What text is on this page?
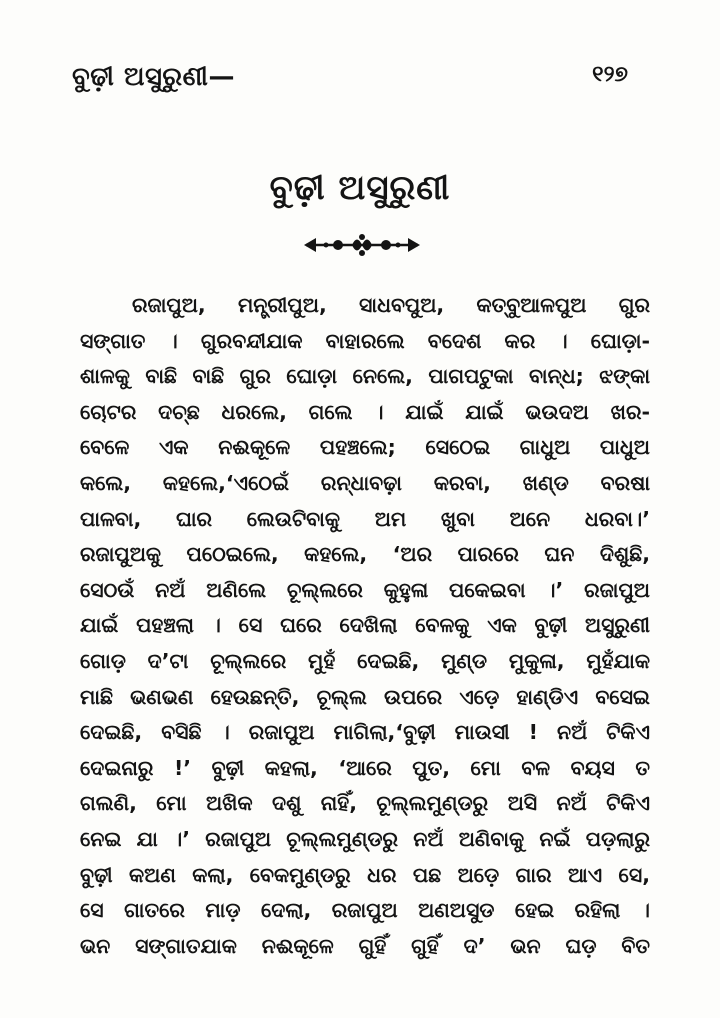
ବୁଢ଼ୀ ଅସୁରୁଣୀ—	୧୨୭
ବୁଢ଼ୀ ଅସୁରୁଣୀ
ରଜାପୁଅ, ମନ୍ତ୍ରୀପୁଅ, ସାଧବପୁଅ, କତ୍ବୁଆଳପୁଅ ଗୁର
ସଙ୍ଗାତ । ଗୁରବନ୍ଦୀଯାକ ବାହାରଲେ ବଦେଶ କର । ଘୋଡ଼ା-
ଶାଳକୁ ବାଛି ବାଛି ଗୁର ଘୋଡ଼ା ନେଲେ, ପାଗପଟୁକା ବାନ୍ଧ; ଝଙ୍କା
ଚୋଟର ଦଚ୍ଛ ଧରଲେ, ଗଲେ । ଯାଇଁ ଯାଇଁ ଭଉଦଅ ଖର-
ବେଳେ ଏକ ନଈକୂଳେ ପହଞ୍ଚଲେ; ସେଠେଇ ଗାଧୁଅ ପାଧୁଅ
କଲେ, କହଲେ,‘ଏଠେଇଁ ରନ୍ଧାବଢ଼ା କରବା, ଖଣ୍ଡ ବରଷା
ପାଳବା, ଘାର ଲେଉଟିବାକୁ ଅମ ଖୁବା ଅନେ ଧରବା।’
ରଜାପୁଅକୁ ପଠେଇଲେ, କହଲେ, ‘ଅର ପାରରେ ଘନ ଦିଶୁଛି,
ସେଠଉଁ ନଅଁ ଅଣିଲେ ଚୂଲ୍ଲରେ କୁହୁଳା ପକେଇବା ।’ ରଜାପୁଅ
ଯାଇଁ ପହଞ୍ଚଲା । ସେ ଘରେ ଦେଖିଲା ବେଳକୁ ଏକ ବୁଢ଼ୀ ଅସୁରୁଣୀ
ଗୋଡ଼ ଦ’ଟା ଚୂଲ୍ଲରେ ମୁହଁ ଦେଇଛି, ମୁଣ୍ଡ ମୁକୁଳା, ମୁହଁଯାକ
ମାଛି ଭଣଭଣ ହେଉଛନ୍ତି, ଚୂଲ୍ଲ ଉପରେ ଏଡ଼େ ହାଣ୍ଡିଏ ବସେଇ
ଦେଇଛି, ବସିଛି । ରଜାପୁଅ ମାଗିଲା,‘ବୁଢ଼ୀ ମାଉସୀ ! ନଅଁ ଟିକିଏ
ଦେଇନାରୁ !’ ବୁଢ଼ୀ କହଲା, ‘ଆରେ ପୁତ, ମୋ ବଳ ବୟସ ତ
ଗଲଣି, ମୋ ଅଖିକ ଦଶୁ ନାହିଁ, ଚୂଲ୍ଲମୁଣ୍ଡରୁ ଅସି ନଅଁ ଟିକିଏ
ନେଇ ଯା ।’ ରଜାପୁଅ ଚୂଲ୍ଲମୁଣ୍ଡରୁ ନଅଁ ଅଣିବାକୁ ନଇଁ ପଡ଼ଲାରୁ
ବୁଢ଼ୀ କଅଣ କଲା, ବେକମୁଣ୍ଡରୁ ଧର ପଛ ଅଡ଼େ ଗାର ଆଏ ସେ,
ସେ ଗାତରେ ମାଡ଼ ଦେଲା, ରଜାପୁଅ ଅଣଅସୁଡ ହେଇ ରହିଲା ।
ଭନ ସଙ୍ଗାତଯାକ ନଈକୂଳେ ଗୁହିଁ ଗୁହିଁ ଦ’ ଭନ ଘଡ଼ ବିତ
